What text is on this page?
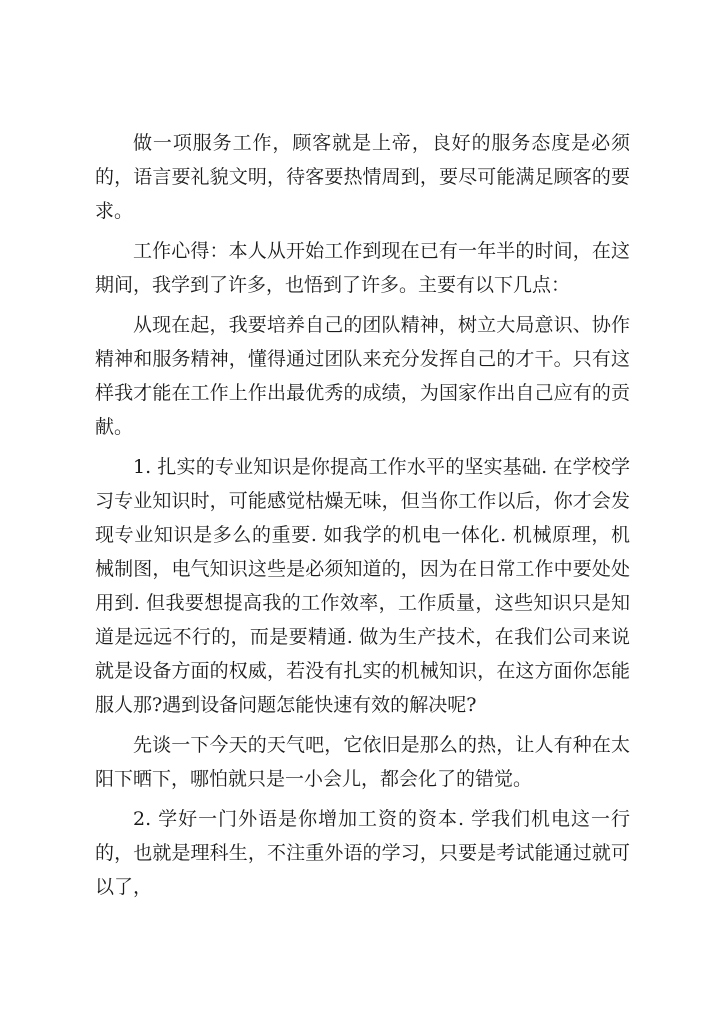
做一项服务工作，顾客就是上帝，良好的服务态度是必须的，语言要礼貌文明，待客要热情周到，要尽可能满足顾客的要求。

工作心得：本人从开始工作到现在已有一年半的时间，在这期间，我学到了许多，也悟到了许多。主要有以下几点：

从现在起，我要培养自己的团队精神，树立大局意识、协作精神和服务精神，懂得通过团队来充分发挥自己的才干。只有这样我才能在工作上作出最优秀的成绩，为国家作出自己应有的贡献。

1. 扎实的专业知识是你提高工作水平的坚实基础. 在学校学习专业知识时，可能感觉枯燥无味，但当你工作以后，你才会发现专业知识是多么的重要. 如我学的机电一体化. 机械原理，机械制图，电气知识这些是必须知道的，因为在日常工作中要处处用到. 但我要想提高我的工作效率，工作质量，这些知识只是知道是远远不行的，而是要精通. 做为生产技术，在我们公司来说就是设备方面的权威，若没有扎实的机械知识，在这方面你怎能服人那?遇到设备问题怎能快速有效的解决呢?

先谈一下今天的天气吧，它依旧是那么的热，让人有种在太阳下晒下，哪怕就只是一小会儿，都会化了的错觉。

2. 学好一门外语是你增加工资的资本. 学我们机电这一行的，也就是理科生，不注重外语的学习，只要是考试能通过就可以了，
